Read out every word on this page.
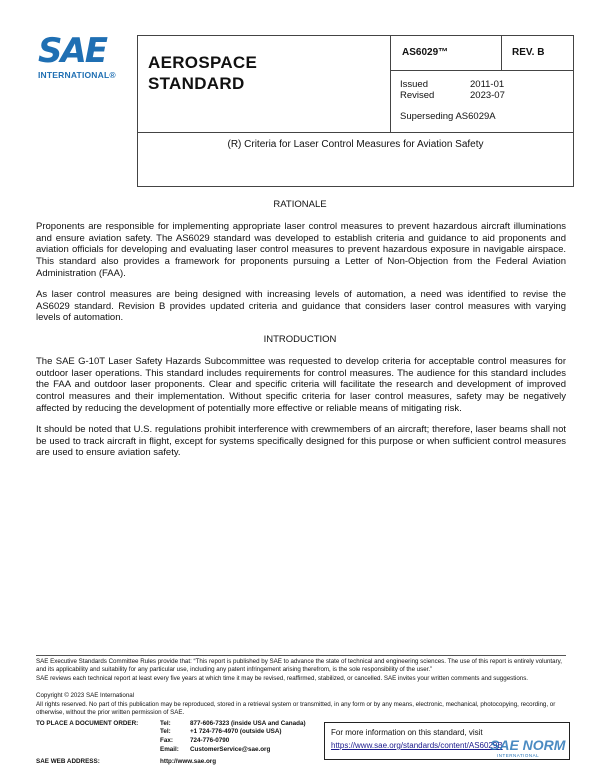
SAE
INTERNATIONAL®
AEROSPACE
STANDARD
AS6029™	REV. B
Issued	2011-01
Revised	2023-07
Superseding AS6029A
(R) Criteria for Laser Control Measures for Aviation Safety
RATIONALE
Proponents are responsible for implementing appropriate laser control measures to prevent hazardous aircraft illuminations and ensure aviation safety. The AS6029 standard was developed to establish criteria and guidance to aid proponents and aviation officials for developing and evaluating laser control measures to prevent hazardous exposure in navigable airspace. This standard also provides a framework for proponents pursuing a Letter of Non-Objection from the Federal Aviation Administration (FAA).
As laser control measures are being designed with increasing levels of automation, a need was identified to revise the AS6029 standard. Revision B provides updated criteria and guidance that considers laser control measures with varying levels of automation.
INTRODUCTION
The SAE G-10T Laser Safety Hazards Subcommittee was requested to develop criteria for acceptable control measures for outdoor laser operations. This standard includes requirements for control measures. The audience for this standard includes the FAA and outdoor laser proponents. Clear and specific criteria will facilitate the research and development of improved control measures and their implementation. Without specific criteria for laser control measures, safety may be negatively affected by reducing the development of potentially more effective or reliable means of mitigating risk.
It should be noted that U.S. regulations prohibit interference with crewmembers of an aircraft; therefore, laser beams shall not be used to track aircraft in flight, except for systems specifically designed for this purpose or when sufficient control measures are used to ensure aviation safety.
SAE Executive Standards Committee Rules provide that: “This report is published by SAE to advance the state of technical and engineering sciences. The use of this report is entirely voluntary, and its applicability and suitability for any particular use, including any patent infringement arising therefrom, is the sole responsibility of the user.”
SAE reviews each technical report at least every five years at which time it may be revised, reaffirmed, stabilized, or cancelled. SAE invites your written comments and suggestions.
Copyright © 2023 SAE International
All rights reserved. No part of this publication may be reproduced, stored in a retrieval system or transmitted, in any form or by any means, electronic, mechanical, photocopying, recording, or otherwise, without the prior written permission of SAE.
TO PLACE A DOCUMENT ORDER:	Tel:	877-606-7323 (inside USA and Canada)
Tel:	+1 724-776-4970 (outside USA)
Fax:	724-776-0790
Email: CustomerService@sae.org
SAE WEB ADDRESS:	http://www.sae.org
For more information on this standard, visit
https://www.sae.org/standards/content/AS6029B
SAE NORM
INTERNATIONAL
